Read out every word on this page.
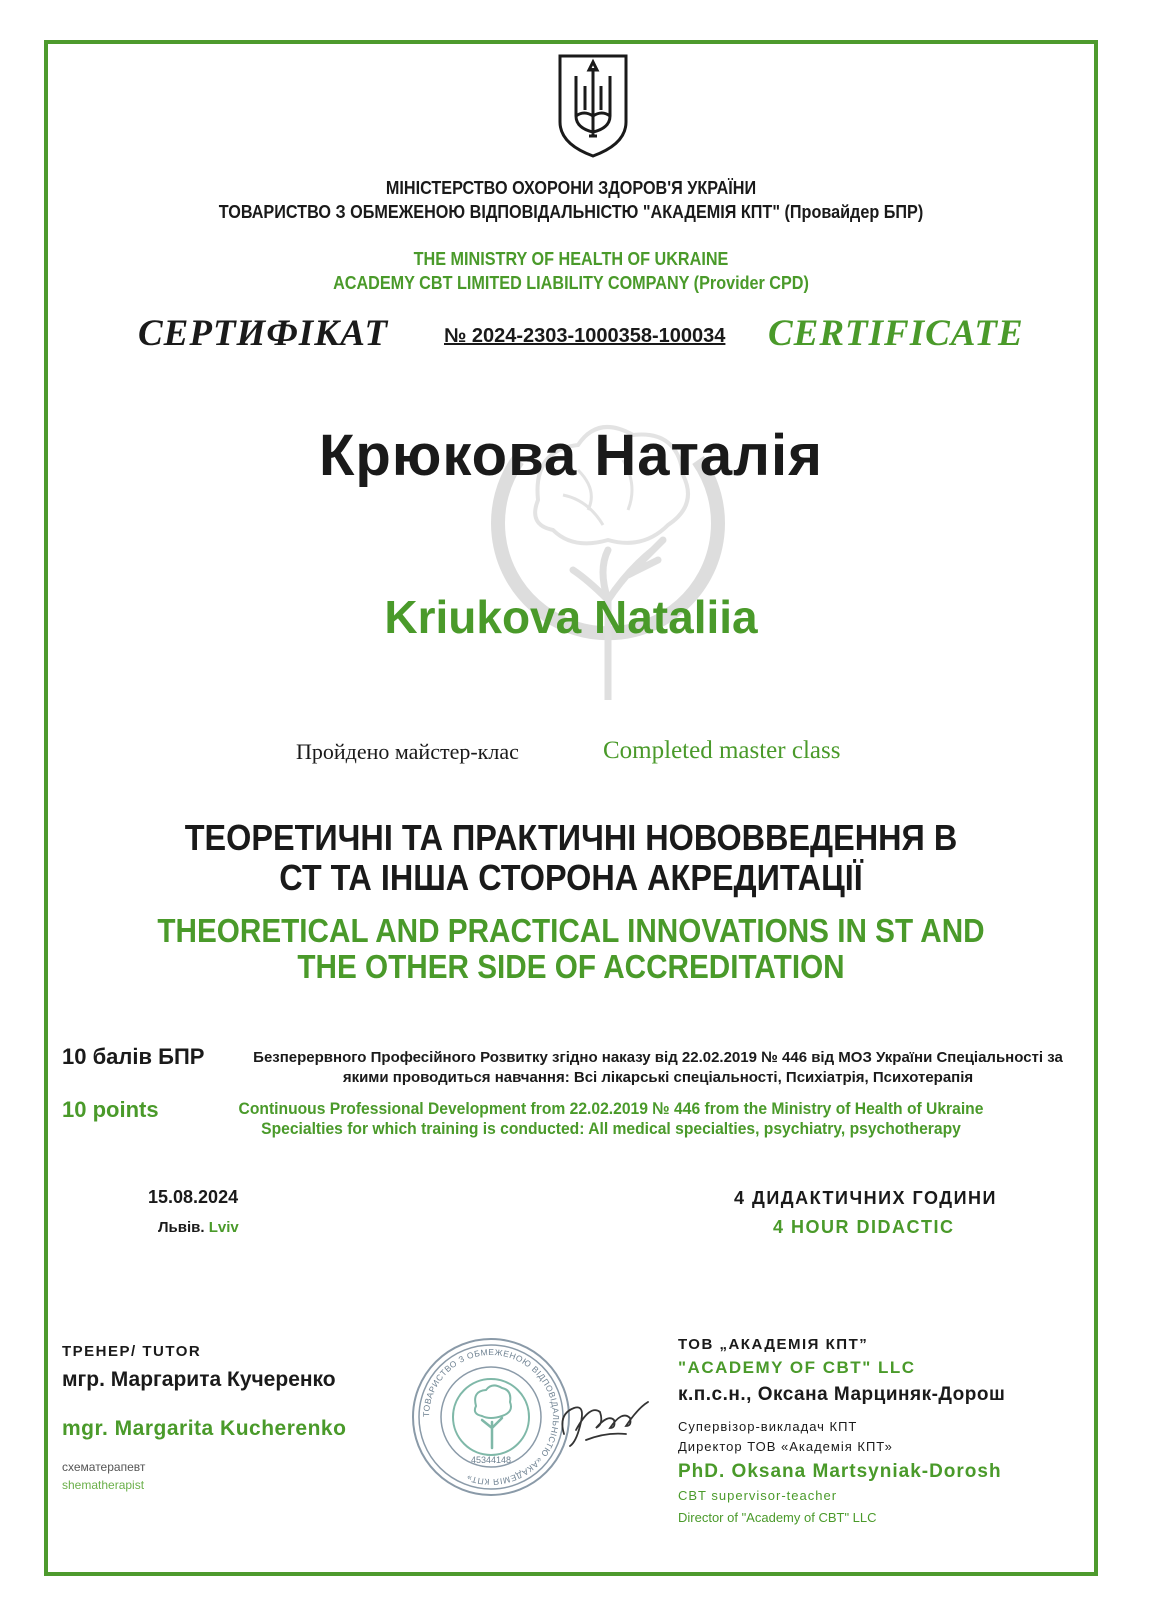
МІНІСТЕРСТВО ОХОРОНИ ЗДОРОВ'Я УКРАЇНИ
ТОВАРИСТВО З ОБМЕЖЕНОЮ ВІДПОВІДАЛЬНІСТЮ "АКАДЕМІЯ КПТ" (Провайдер БПР)
THE MINISTRY OF HEALTH OF UKRAINE
ACADEMY CBT LIMITED LIABILITY COMPANY (Provider CPD)
СЕРТИФІКАТ	№ 2024-2303-1000358-100034 CERTIFICATE
Крюкова Наталія
Kriukova Nataliia
Пройдено майстер-клас	Completed master class
ТЕОРЕТИЧНІ ТА ПРАКТИЧНІ НОВОВВЕДЕННЯ В
СТ ТА ІНША СТОРОНА АКРЕДИТАЦІЇ
THEORETICAL AND PRACTICAL INNOVATIONS IN ST AND
THE OTHER SIDE OF ACCREDITATION
10 балів БПР	Безперервного Професійного Розвитку згідно наказу від 22.02.2019 № 446 від МОЗ України Спеціальності за
якими проводиться навчання: Всі лікарські спеціальності, Психіатрія, Психотерапія
10 points	Continuous Professional Development from 22.02.2019 № 446 from the Ministry of Health of Ukraine
Specialties for which training is conducted: All medical specialties, psychiatry, psychotherapy
15.08.2024
Львів. Lviv
4 ДИДАКТИЧНИХ ГОДИНИ
4 HOUR DIDACTIC
ТРЕНЕР/ TUTOR
мгр. Маргарита Кучеренко
mgr. Margarita Kucherenko
схематерапевт
shematherapist
ТОВАРИСТВО З ОБМЕЖЕНОЮ ВІДПОВІДАЛЬНІСТЮ «АКАДЕМІЯ КПТ»
45344148
ТОВ „АКАДЕМІЯ КПТ”
"ACADEMY OF CBT" LLC
к.п.с.н., Оксана Марциняк-Дорош
Супервізор-викладач КПТ
Директор ТОВ «Академія КПТ»
PhD. Oksana Martsyniak-Dorosh
CBT supervisor-teacher
Director of "Academy of CBT" LLC
